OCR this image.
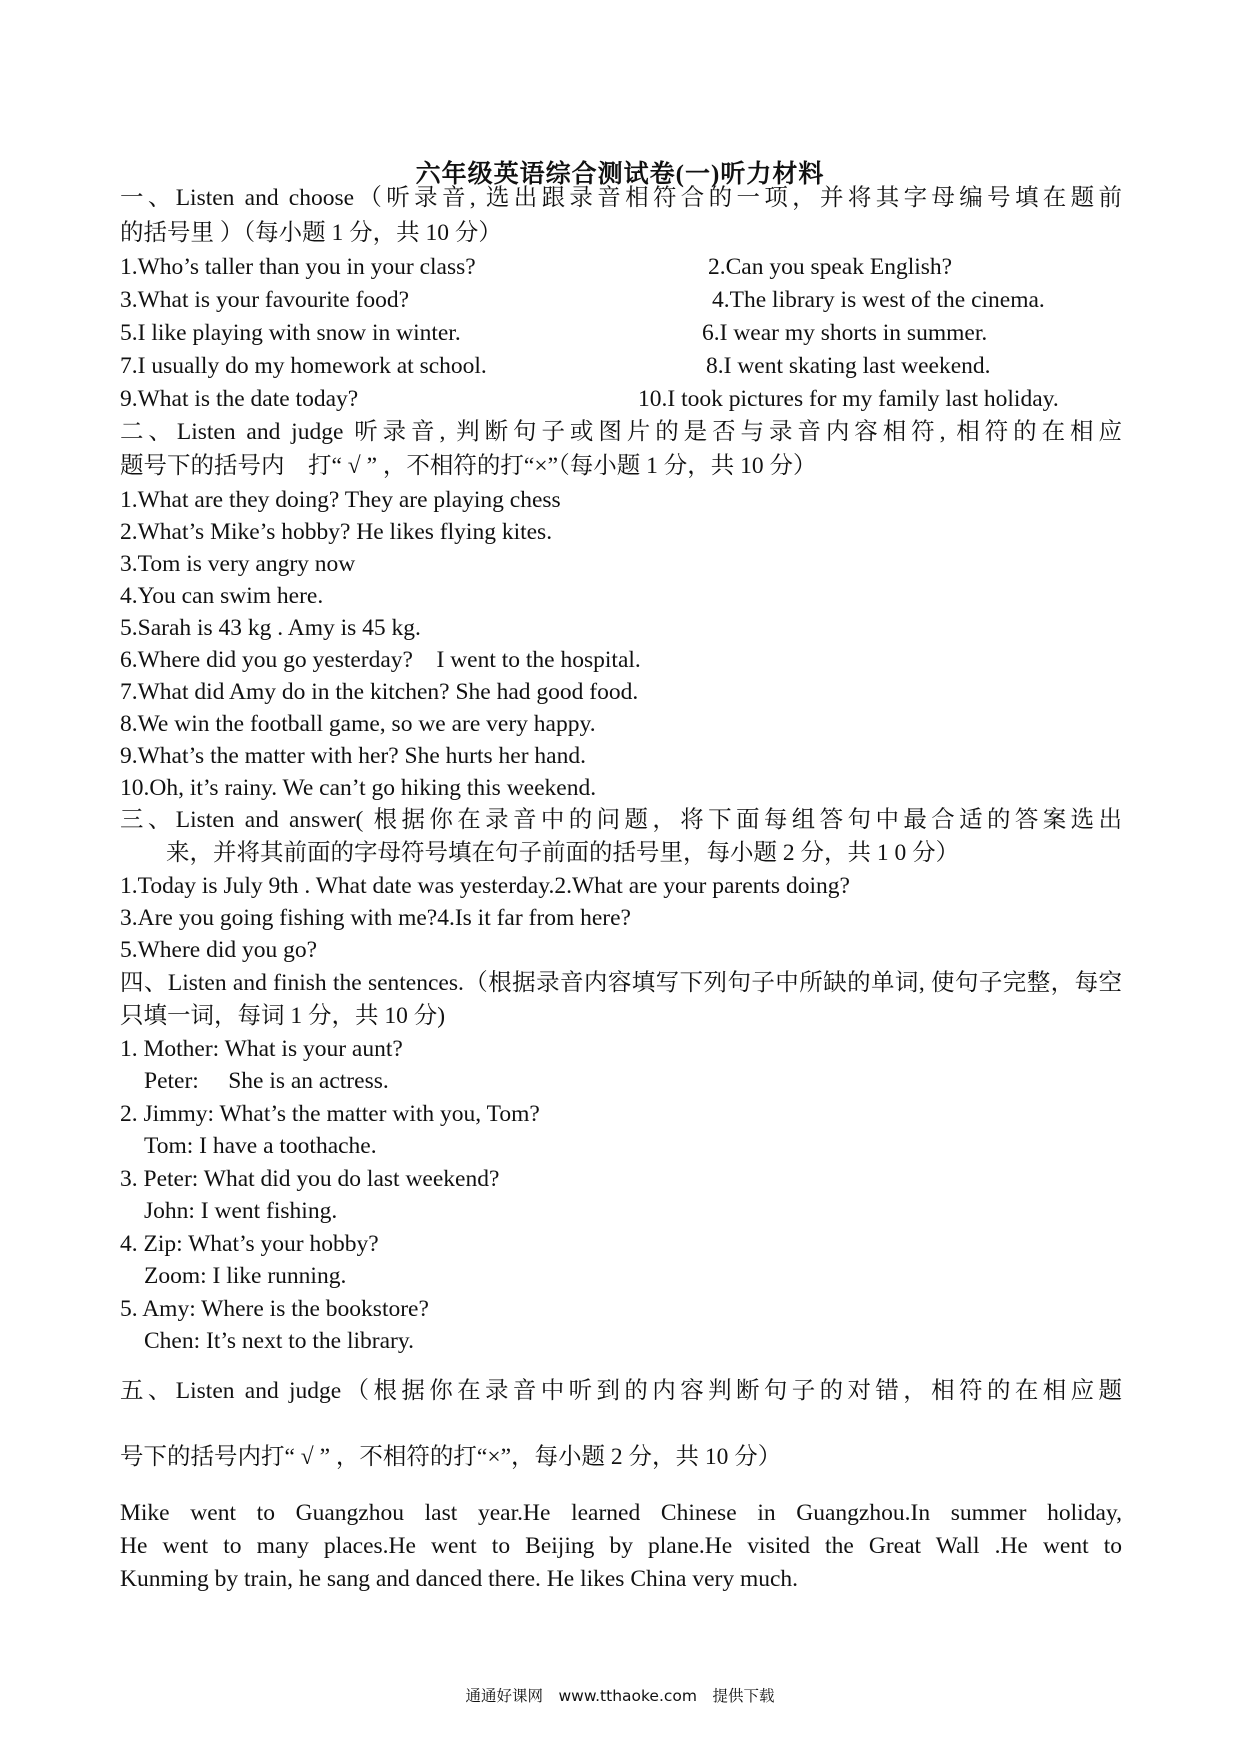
六年级英语综合测试卷(一)听力材料
一、Listen and choose（听录音, 选出跟录音相符合的一项，并将其字母编号填在题前
的括号里 ）（每小题 1 分，共 10 分）
1.Who’s taller than you in your class?	2.Can you speak English?
3.What is your favourite food?	4.The library is west of the cinema.
5.I like playing with snow in winter.	6.I wear my shorts in summer.
7.I usually do my homework at school.	8.I went skating last weekend.
9.What is the date today?	10.I took pictures for my family last holiday.
二、Listen and judge 听录音, 判断句子或图片的是否与录音内容相符, 相符的在相应
题号下的括号内　打“ √ ” ，不相符的打“×”（每小题 1 分，共 10 分）
1.What are they doing? They are playing chess
2.What’s Mike’s hobby? He likes flying kites.
3.Tom is very angry now
4.You can swim here.
5.Sarah is 43 kg . Amy is 45 kg.
6.Where did you go yesterday?　I went to the hospital.
7.What did Amy do in the kitchen? She had good food.
8.We win the football game, so we are very happy.
9.What’s the matter with her? She hurts her hand.
10.Oh, it’s rainy. We can’t go hiking this weekend.
三、Listen and answer( 根据你在录音中的问题，将下面每组答句中最合适的答案选出
来，并将其前面的字母符号填在句子前面的括号里，每小题 2 分，共 1 0 分）
1.Today is July 9th . What date was yesterday.2.What are your parents doing?
3.Are you going fishing with me?4.Is it far from here?
5.Where did you go?
四、Listen and finish the sentences.（根据录音内容填写下列句子中所缺的单词, 使句子完整，每空
只填一词，每词 1 分，共 10 分)
1. Mother: What is your aunt?
Peter:　 She is an actress.
2. Jimmy: What’s the matter with you, Tom?
Tom: I have a toothache.
3. Peter: What did you do last weekend?
John: I went fishing.
4. Zip: What’s your hobby?
Zoom: I like running.
5. Amy: Where is the bookstore?
Chen: It’s next to the library.
五、Listen and judge（根据你在录音中听到的内容判断句子的对错，相符的在相应题
号下的括号内打“ √ ” ，不相符的打“×”，每小题 2 分，共 10 分）
Mike went to Guangzhou last year.He learned Chinese in Guangzhou.In summer holiday,
He went to many places.He went to Beijing by plane.He visited the Great Wall .He went to
Kunming by train, he sang and danced there. He likes China very much.
通通好课网　www.tthaoke.com　提供下载
